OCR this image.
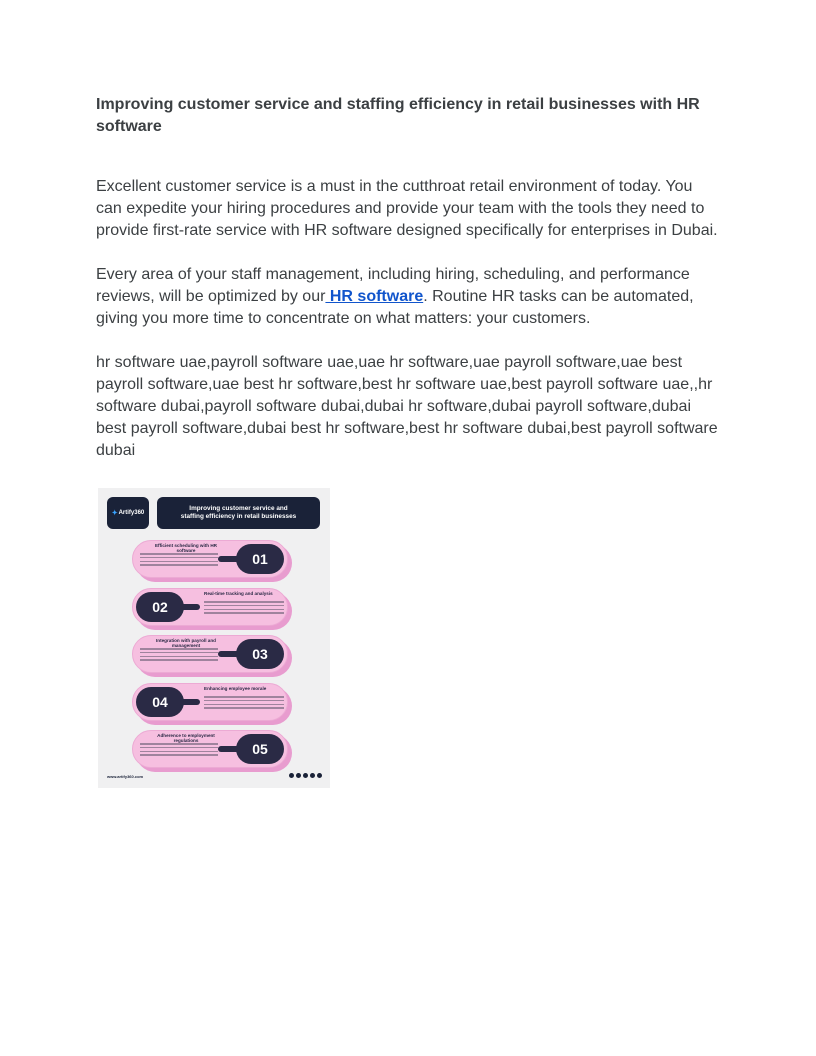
Improving customer service and staffing efficiency in retail businesses with HR software

Excellent customer service is a must in the cutthroat retail environment of today. You can expedite your hiring procedures and provide your team with the tools they need to provide first-rate service with HR software designed specifically for enterprises in Dubai.

Every area of your staff management, including hiring, scheduling, and performance reviews, will be optimized by our HR software. Routine HR tasks can be automated, giving you more time to concentrate on what matters: your customers.

hr software uae,payroll software uae,uae hr software,uae payroll software,uae best payroll software,uae best hr software,best hr software uae,best payroll software uae,,hr software dubai,payroll software dubai,dubai hr software,dubai payroll software,dubai best payroll software,dubai best hr software,best hr software dubai,best payroll software dubai

✦ Artify360
Improving customer service and
staffing efficiency in retail businesses
Efficient scheduling with HR software
01
Real-time tracking and analysis
02
Integration with payroll and management
03
Enhancing employee morale
04
Adherence to employment regulations
05
www.artify360.com
